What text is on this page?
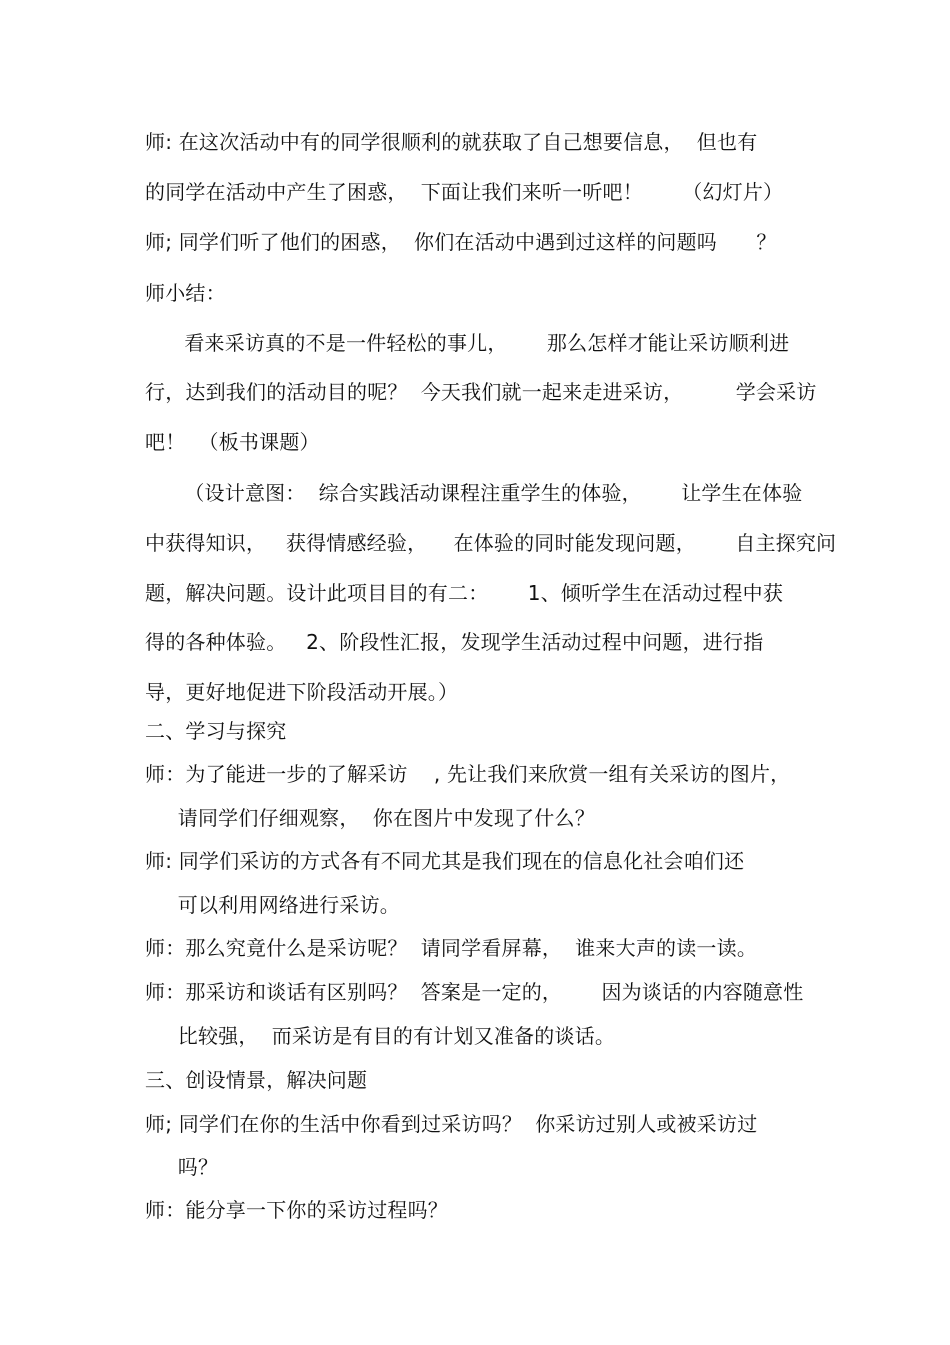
师: 在这次活动中有的同学很顺利的就获取了自己想要信息，  但也有
的同学在活动中产生了困惑，  下面让我们来听一听吧！      （幻灯片）
师; 同学们听了他们的困惑，  你们在活动中遇到过这样的问题吗      ？
师小结：
看来采访真的不是一件轻松的事儿，      那么怎样才能让采访顺利进
行，达到我们的活动目的呢？  今天我们就一起来走进采访，        学会采访
吧！  （板书课题）
（设计意图：  综合实践活动课程注重学生的体验，      让学生在体验
中获得知识，   获得情感经验，    在体验的同时能发现问题，      自主探究问
题，解决问题。设计此项目目的有二：      1、倾听学生在活动过程中获
得的各种体验。   2、阶段性汇报，发现学生活动过程中问题，进行指
导，更好地促进下阶段活动开展。）
二、学习与探究
师：为了能进一步的了解采访    , 先让我们来欣赏一组有关采访的图片，
请同学们仔细观察，  你在图片中发现了什么？
师: 同学们采访的方式各有不同尤其是我们现在的信息化社会咱们还
可以利用网络进行采访。
师：那么究竟什么是采访呢？  请同学看屏幕，  谁来大声的读一读。
师：那采访和谈话有区别吗？  答案是一定的，      因为谈话的内容随意性
比较强，  而采访是有目的有计划又准备的谈话。
三、创设情景，解决问题
师; 同学们在你的生活中你看到过采访吗？  你采访过别人或被采访过
吗？
师：能分享一下你的采访过程吗？
